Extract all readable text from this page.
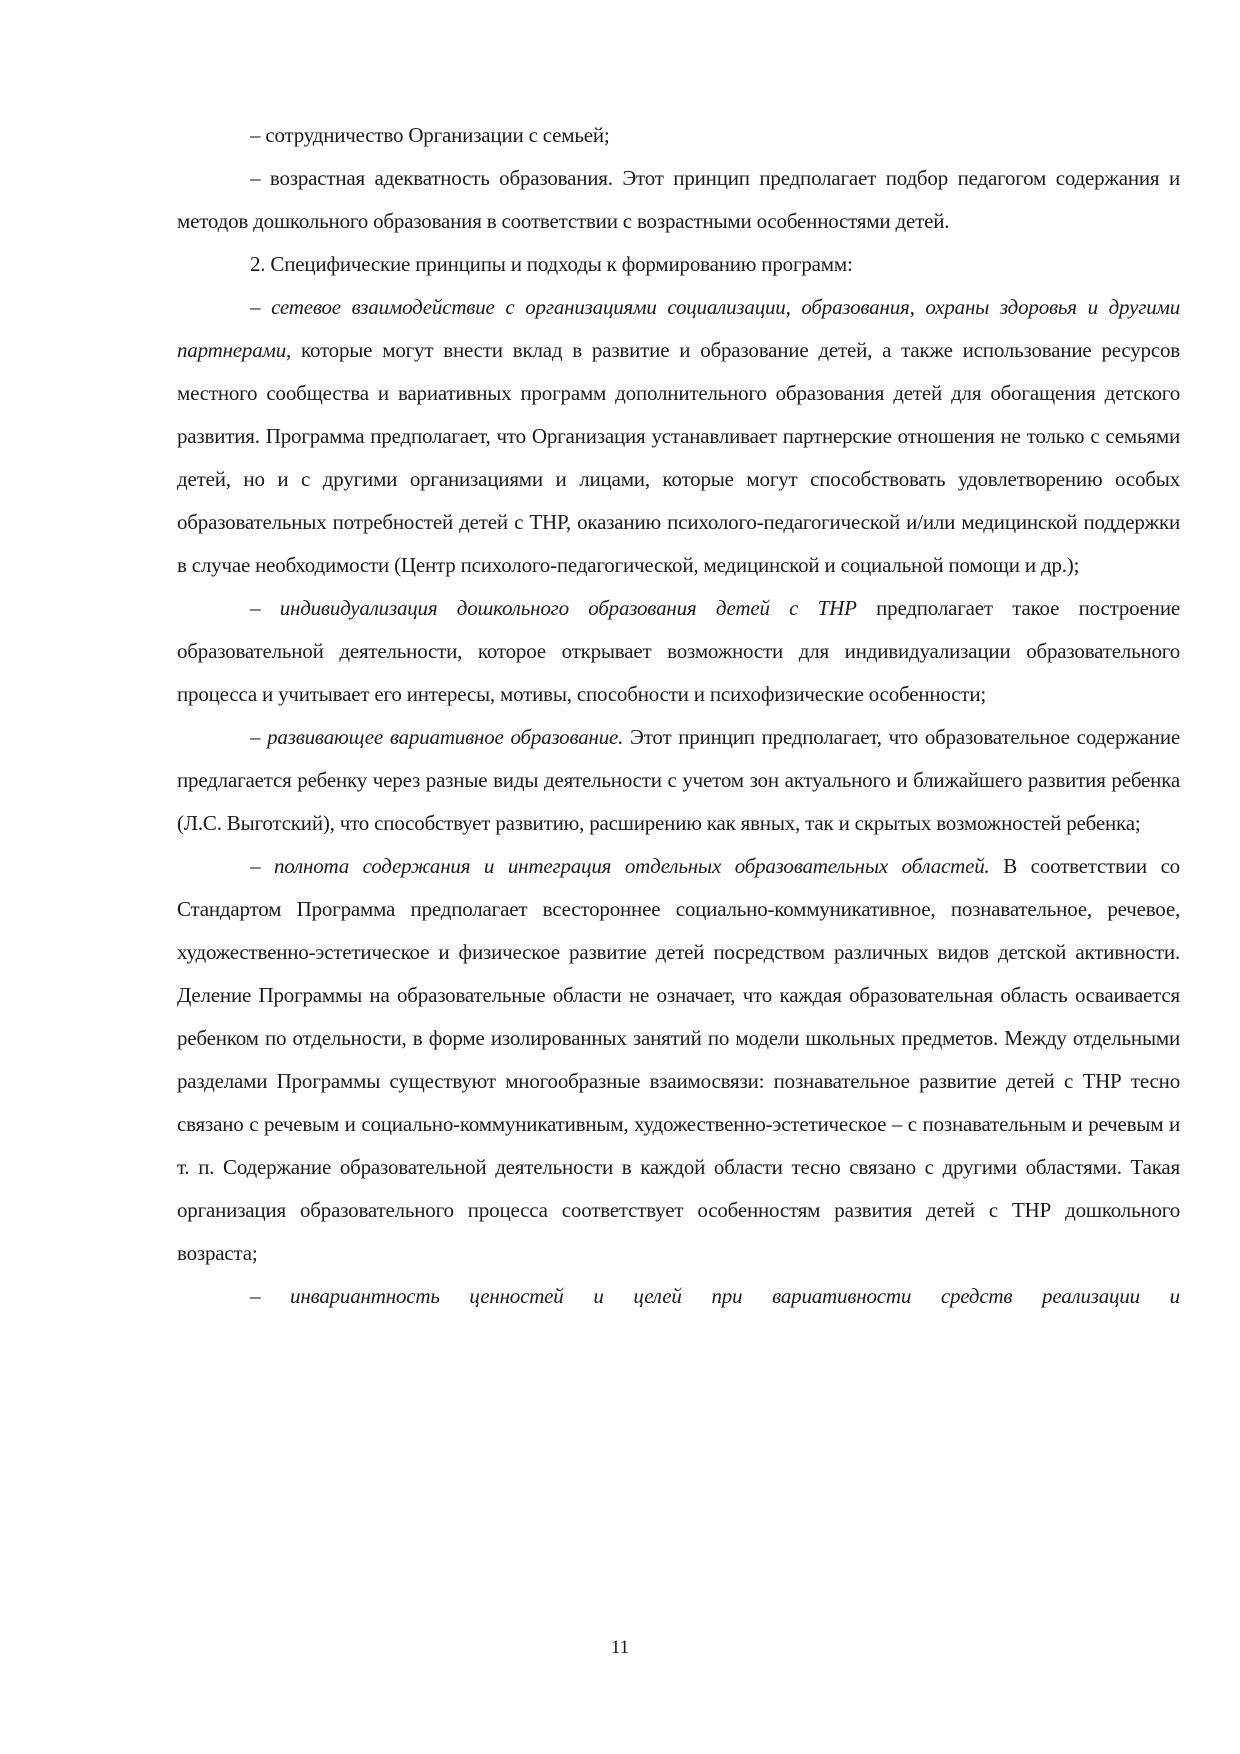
– сотрудничество Организации с семьей;

– возрастная адекватность образования. Этот принцип предполагает подбор педагогом содержания и методов дошкольного образования в соответствии с возрастными особенностями детей.

2. Специфические принципы и подходы к формированию программ:

– сетевое взаимодействие с организациями социализации, образования, охраны здоровья и другими партнерами, которые могут внести вклад в развитие и образование детей, а также использование ресурсов местного сообщества и вариативных программ дополнительного образования детей для обогащения детского развития. Программа предполагает, что Организация устанавливает партнерские отношения не только с семьями детей, но и с другими организациями и лицами, которые могут способствовать удовлетворению особых образовательных потребностей детей с ТНР, оказанию психолого-педагогической и/или медицинской поддержки в случае необходимости (Центр психолого-педагогической, медицинской и социальной помощи и др.);

– индивидуализация дошкольного образования детей с ТНР предполагает такое построение образовательной деятельности, которое открывает возможности для индивидуализации образовательного процесса и учитывает его интересы, мотивы, способности и психофизические особенности;

– развивающее вариативное образование. Этот принцип предполагает, что образовательное содержание предлагается ребенку через разные виды деятельности с учетом зон актуального и ближайшего развития ребенка (Л.С. Выготский), что способствует развитию, расширению как явных, так и скрытых возможностей ребенка;

– полнота содержания и интеграция отдельных образовательных областей. В соответствии со Стандартом Программа предполагает всестороннее социально-коммуникативное, познавательное, речевое, художественно-эстетическое и физическое развитие детей посредством различных видов детской активности. Деление Программы на образовательные области не означает, что каждая образовательная область осваивается ребенком по отдельности, в форме изолированных занятий по модели школьных предметов. Между отдельными разделами Программы существуют многообразные взаимосвязи: познавательное развитие детей с ТНР тесно связано с речевым и социально-коммуникативным, художественно-эстетическое – с познавательным и речевым и т. п. Содержание образовательной деятельности в каждой области тесно связано с другими областями. Такая организация образовательного процесса соответствует особенностям развития детей с ТНР дошкольного возраста;

– инвариантность ценностей и целей при вариативности средств реализации и

11
